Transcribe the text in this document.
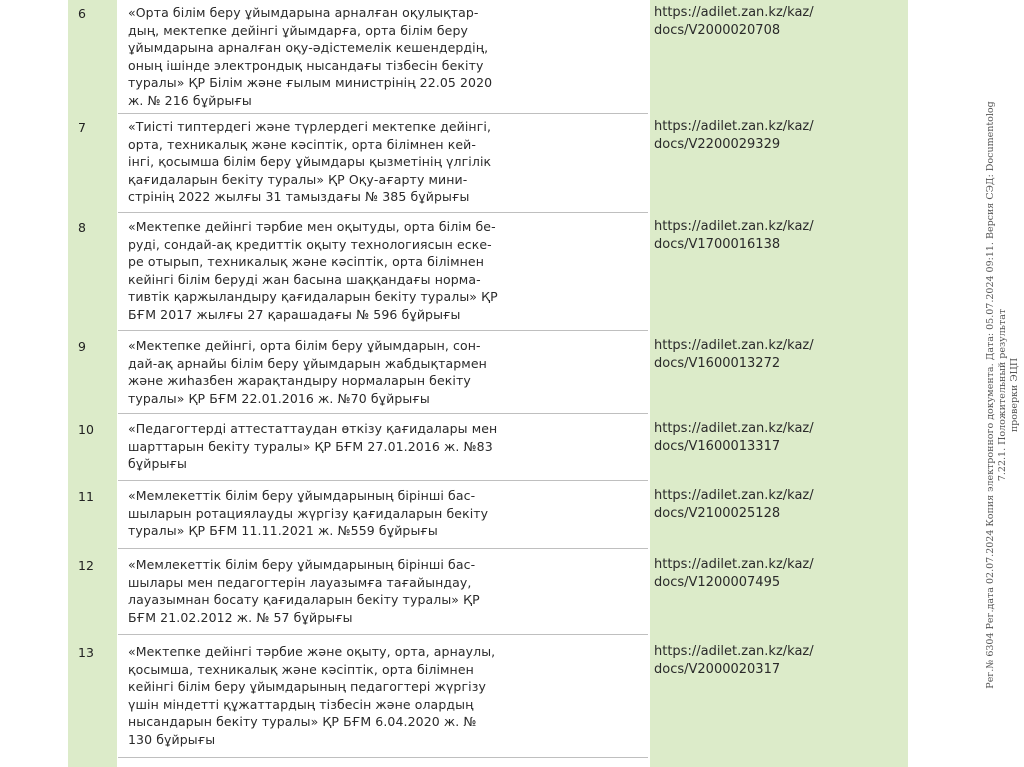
6	«Орта білім беру ұйымдарына арналған оқулықтар-
дың, мектепке дейінгі ұйымдарға, орта білім беру
ұйымдарына арналған оқу-әдістемелік кешендердің,
оның ішінде электрондық нысандағы тізбесін бекіту
туралы» ҚР Білім және ғылым министрінің 22.05 2020
ж. № 216 бұйрығы
https://adilet.zan.kz/kaz/
docs/V2000020708
7	«Тиісті типтердегі және түрлердегі мектепке дейінгі,
орта, техникалық және кәсіптік, орта білімнен кей-
інгі, қосымша білім беру ұйымдары қызметінің үлгілік
қағидаларын бекіту туралы» ҚР Оқу-ағарту мини-
стрінің 2022 жылғы 31 тамыздағы № 385 бұйрығы
https://adilet.zan.kz/kaz/
docs/V2200029329
8	«Мектепке дейінгі тәрбие мен оқытуды, орта білім бе-
руді, сондай-ақ кредиттік оқыту технологиясын еске-
ре отырып, техникалық және кәсіптік, орта білімнен
кейінгі білім беруді жан басына шаққандағы норма-
тивтік қаржыландыру қағидаларын бекіту туралы» ҚР
БҒМ 2017 жылғы 27 қарашадағы № 596 бұйрығы
https://adilet.zan.kz/kaz/
docs/V1700016138
9	«Мектепке дейінгі, орта білім беру ұйымдарын, сон-
дай-ақ арнайы білім беру ұйымдарын жабдықтармен
және жиһазбен жарақтандыру нормаларын бекіту
туралы» ҚР БҒМ 22.01.2016 ж. №70 бұйрығы
https://adilet.zan.kz/kaz/
docs/V1600013272
10	«Педагогтерді аттестаттаудан өткізу қағидалары мен
шарттарын бекіту туралы» ҚР БҒМ 27.01.2016 ж. №83
бұйрығы
https://adilet.zan.kz/kaz/
docs/V1600013317
11	«Мемлекеттік білім беру ұйымдарының бірінші бас-
шыларын ротациялауды жүргізу қағидаларын бекіту
туралы» ҚР БҒМ 11.11.2021 ж. №559 бұйрығы
https://adilet.zan.kz/kaz/
docs/V2100025128
12	«Мемлекеттік білім беру ұйымдарының бірінші бас-
шылары мен педагогтерін лауазымға тағайындау,
лауазымнан босату қағидаларын бекіту туралы» ҚР
БҒМ 21.02.2012 ж. № 57 бұйрығы
https://adilet.zan.kz/kaz/
docs/V1200007495
13	«Мектепке дейінгі тәрбие және оқыту, орта, арнаулы,
қосымша, техникалық және кәсіптік, орта білімнен
кейінгі білім беру ұйымдарының педагогтері жүргізу
үшін міндетті құжаттардың тізбесін және олардың
нысандарын бекіту туралы» ҚР БҒМ 6.04.2020 ж. №
130 бұйрығы
https://adilet.zan.kz/kaz/
docs/V2000020317	Рег.№ 6304 Рег.дата 02.07.2024 Копия электронного документа. Дата: 05.07.2024 09:11. Версия СЭД: Documentolog 7.22.1. Положительный результат
проверки ЭЦП
